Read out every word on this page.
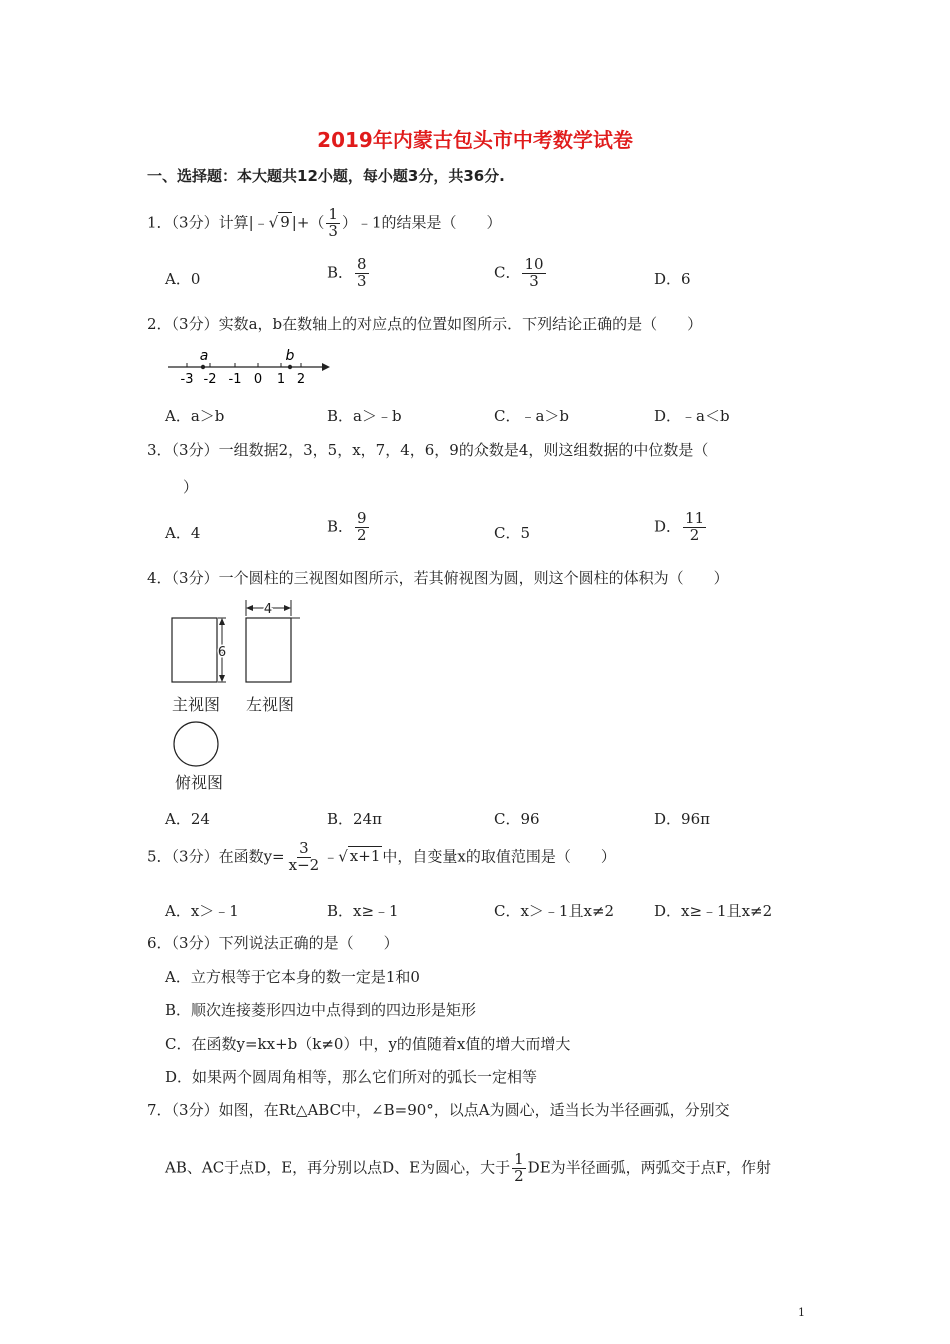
2019年内蒙古包头市中考数学试卷
一、选择题：本大题共12小题，每小题3分，共36分.
1．（3分）计算|﹣√ 9 |+（ $\frac{1}{3}$ ）﹣1的结果是（　　）
A．0	B． $\frac{8}{3}$	C． $\frac{10}{3}$	D．6
2．（3分）实数a，b在数轴上的对应点的位置如图所示．下列结论正确的是（　　）
-3 -2 -1 0 1 2
a	b
A．a＞b	B．a＞﹣b	C．﹣a＞b	D．﹣a＜b
3．（3分）一组数据2，3，5，x，7，4，6，9的众数是4，则这组数据的中位数是（
）
A．4	B． $\frac{9}{2}$	C．5	D． $\frac{11}{2}$
4．（3分）一个圆柱的三视图如图所示，若其俯视图为圆，则这个圆柱的体积为（　　）
6
4
主视图 左视图
俯视图
A．24	B．24π	C．96	D．96π
5．（3分）在函数$y= \frac{3}{x-2}$ ﹣√ x+1 中，自变量x的取值范围是（　　）
A．x＞﹣1	B．x≥﹣1	C．x＞﹣1且x≠2	D．x≥﹣1且x≠2
6．（3分）下列说法正确的是（　　）
A．立方根等于它本身的数一定是1和0
B．顺次连接菱形四边中点得到的四边形是矩形
C．在函数y=kx+b（k≠0）中，y的值随着x值的增大而增大
D．如果两个圆周角相等，那么它们所对的弧长一定相等
7．（3分）如图，在Rt△ABC中，∠B=90°，以点A为圆心，适当长为半径画弧，分别交
AB、AC于点D，E，再分别以点D、E为圆心，大于 $\frac{1}{2}$ DE为半径画弧，两弧交于点F，作射
1
